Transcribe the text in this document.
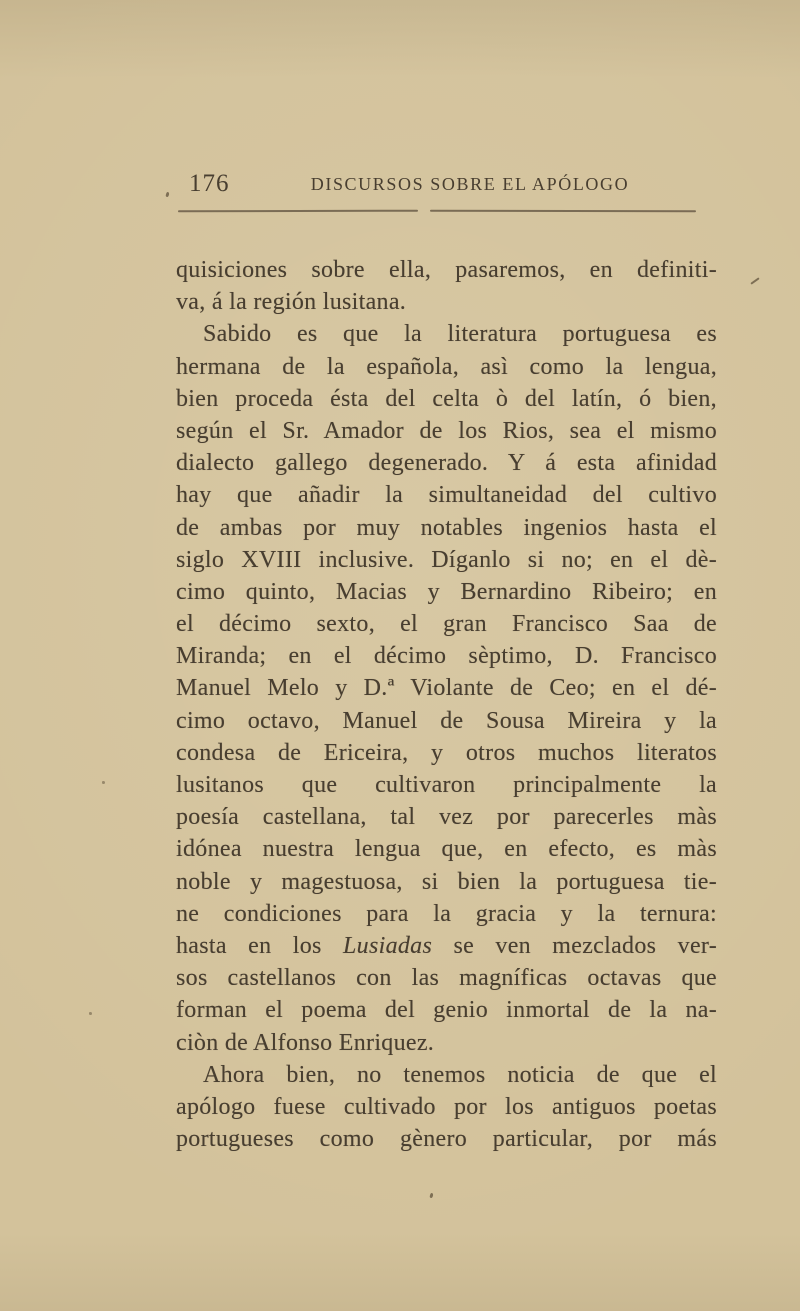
176	DISCURSOS SOBRE EL APÓLOGO
quisiciones sobre ella, pasaremos, en definiti-
va, á la región lusitana.
Sabido es que la literatura portuguesa es
hermana de la española, asì como la lengua,
bien proceda ésta del celta ò del latín, ó bien,
según el Sr. Amador de los Rios, sea el mismo
dialecto gallego degenerado. Y á esta afinidad
hay que añadir la simultaneidad del cultivo
de ambas por muy notables ingenios hasta el
siglo XVIII inclusive. Díganlo si no; en el dè-
cimo quinto, Macias y Bernardino Ribeiro; en
el décimo sexto, el gran Francisco Saa de
Miranda; en el décimo sèptimo, D. Francisco
Manuel Melo y D.ª Violante de Ceo; en el dé-
cimo octavo, Manuel de Sousa Mireira y la
condesa de Ericeira, y otros muchos literatos
lusitanos que cultivaron principalmente la
poesía castellana, tal vez por parecerles màs
idónea nuestra lengua que, en efecto, es màs
noble y magestuosa, si bien la portuguesa tie-
ne condiciones para la gracia y la ternura:
hasta en los Lusiadas se ven mezclados ver-
sos castellanos con las magníficas octavas que
forman el poema del genio inmortal de la na-
ciòn de Alfonso Enriquez.
Ahora bien, no tenemos noticia de que el
apólogo fuese cultivado por los antiguos poetas
portugueses como gènero particular, por más
